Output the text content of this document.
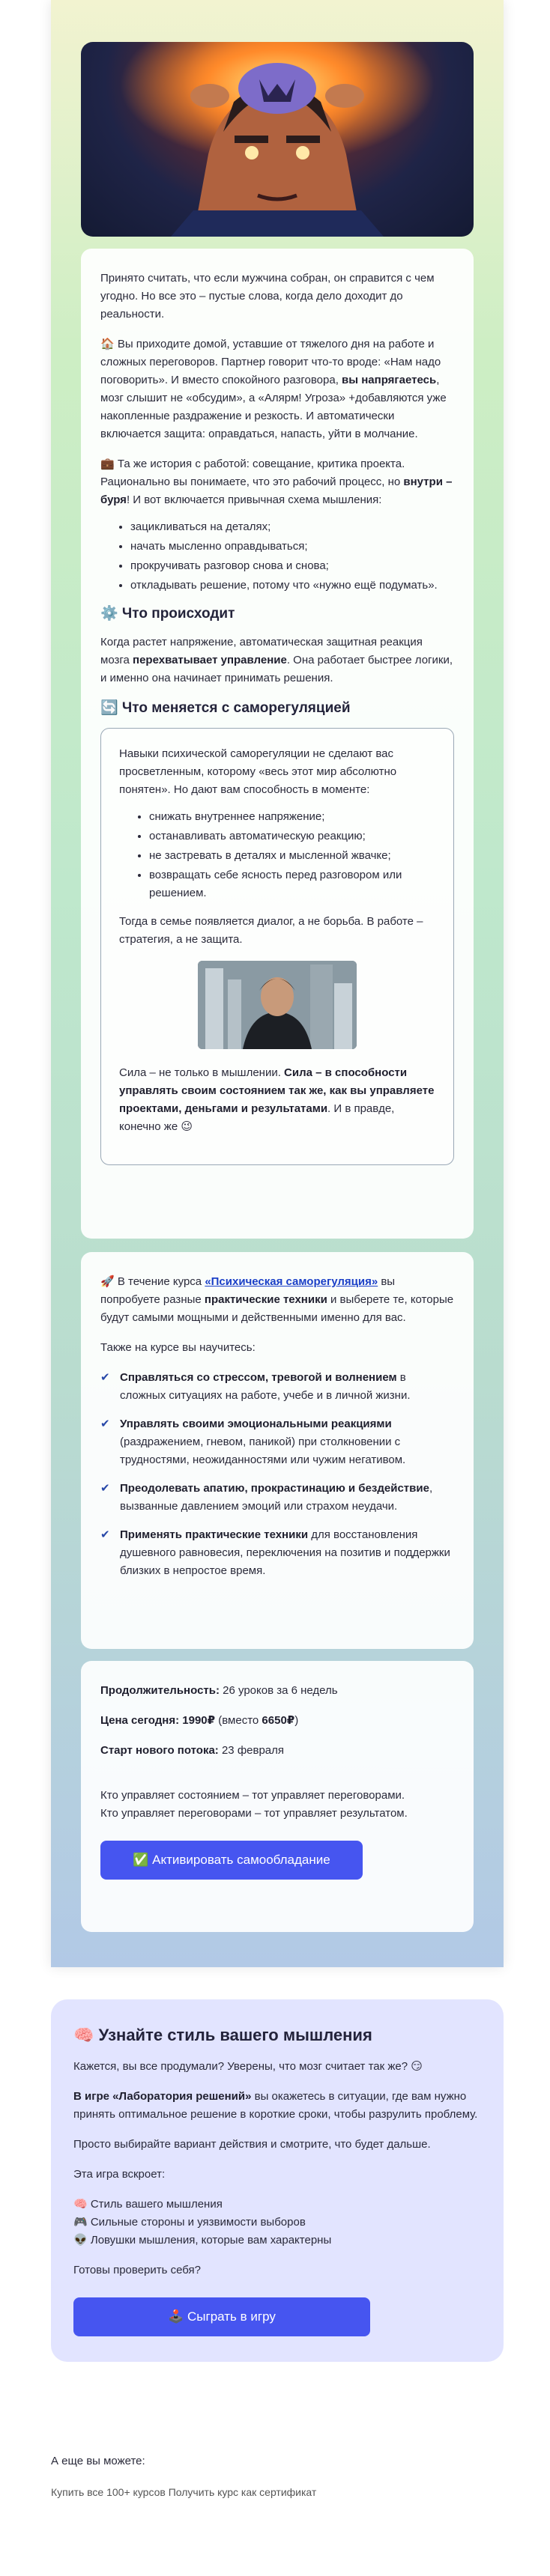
Принято считать, что если мужчина собран, он справится с чем угодно. Но все это – пустые слова, когда дело доходит до реальности.

🏠 Вы приходите домой, уставшие от тяжелого дня на работе и сложных переговоров. Партнер говорит что-то вроде: «Нам надо поговорить». И вместо спокойного разговора, вы напрягаетесь, мозг слышит не «обсудим», а «Алярм! Угроза» +добавляются уже накопленные раздражение и резкость. И автоматически включается защита: оправдаться, напасть, уйти в молчание.

💼 Та же история с работой: совещание, критика проекта. Рационально вы понимаете, что это рабочий процесс, но внутри – буря! И вот включается привычная схема мышления:

• зацикливаться на деталях;
• начать мысленно оправдываться;
• прокручивать разговор снова и снова;
• откладывать решение, потому что «нужно ещё подумать».
⚙️ Что происходит

Когда растет напряжение, автоматическая защитная реакция мозга перехватывает управление. Она работает быстрее логики, и именно она начинает принимать решения.

🔄 Что меняется с саморегуляцией

Навыки психической саморегуляции не сделают вас просветленным, которому «весь этот мир абсолютно понятен». Но дают вам способность в моменте:

• снижать внутреннее напряжение;
• останавливать автоматическую реакцию;
• не застревать в деталях и мысленной жвачке;
• возвращать себе ясность перед разговором или решением.

Тогда в семье появляется диалог, а не борьба. В работе – стратегия, а не защита.

Сила – не только в мышлении. Сила – в способности управлять своим состоянием так же, как вы управляете проектами, деньгами и результатами. И в правде, конечно же 😉

🚀 В течение курса «Психическая саморегуляция» вы попробуете разные практические техники и выберете те, которые будут самыми мощными и действенными именно для вас.

Также на курсе вы научитесь:

✔ Справляться со стрессом, тревогой и волнением в сложных ситуациях на работе, учебе и в личной жизни.
✔ Управлять своими эмоциональными реакциями (раздражением, гневом, паникой) при столкновении с трудностями, неожиданностями или чужим негативом.
✔ Преодолевать апатию, прокрастинацию и бездействие, вызванные давлением эмоций или страхом неудачи.
✔ Применять практические техники для восстановления душевного равновесия, переключения на позитив и поддержки близких в непростое время.

Продолжительность: 26 уроков за 6 недель

Цена сегодня: 1990₽ (вместо 6650₽)

Старт нового потока: 23 февраля

Кто управляет состоянием – тот управляет переговорами.
Кто управляет переговорами – тот управляет результатом.

✅ Активировать самообладание
🧠 Узнайте стиль вашего мышления

Кажется, вы все продумали? Уверены, что мозг считает так же? 😏

В игре «Лаборатория решений» вы окажетесь в ситуации, где вам нужно принять оптимальное решение в короткие сроки, чтобы разрулить проблему.

Просто выбирайте вариант действия и смотрите, что будет дальше.

Эта игра вскроет:

🧠 Стиль вашего мышления
🎮 Сильные стороны и уязвимости выборов
👽 Ловушки мышления, которые вам характерны

Готовы проверить себя?

🕹️ Сыграть в игру
А еще вы можете:
Купить все 100+ курсов Получить курс как сертификат
